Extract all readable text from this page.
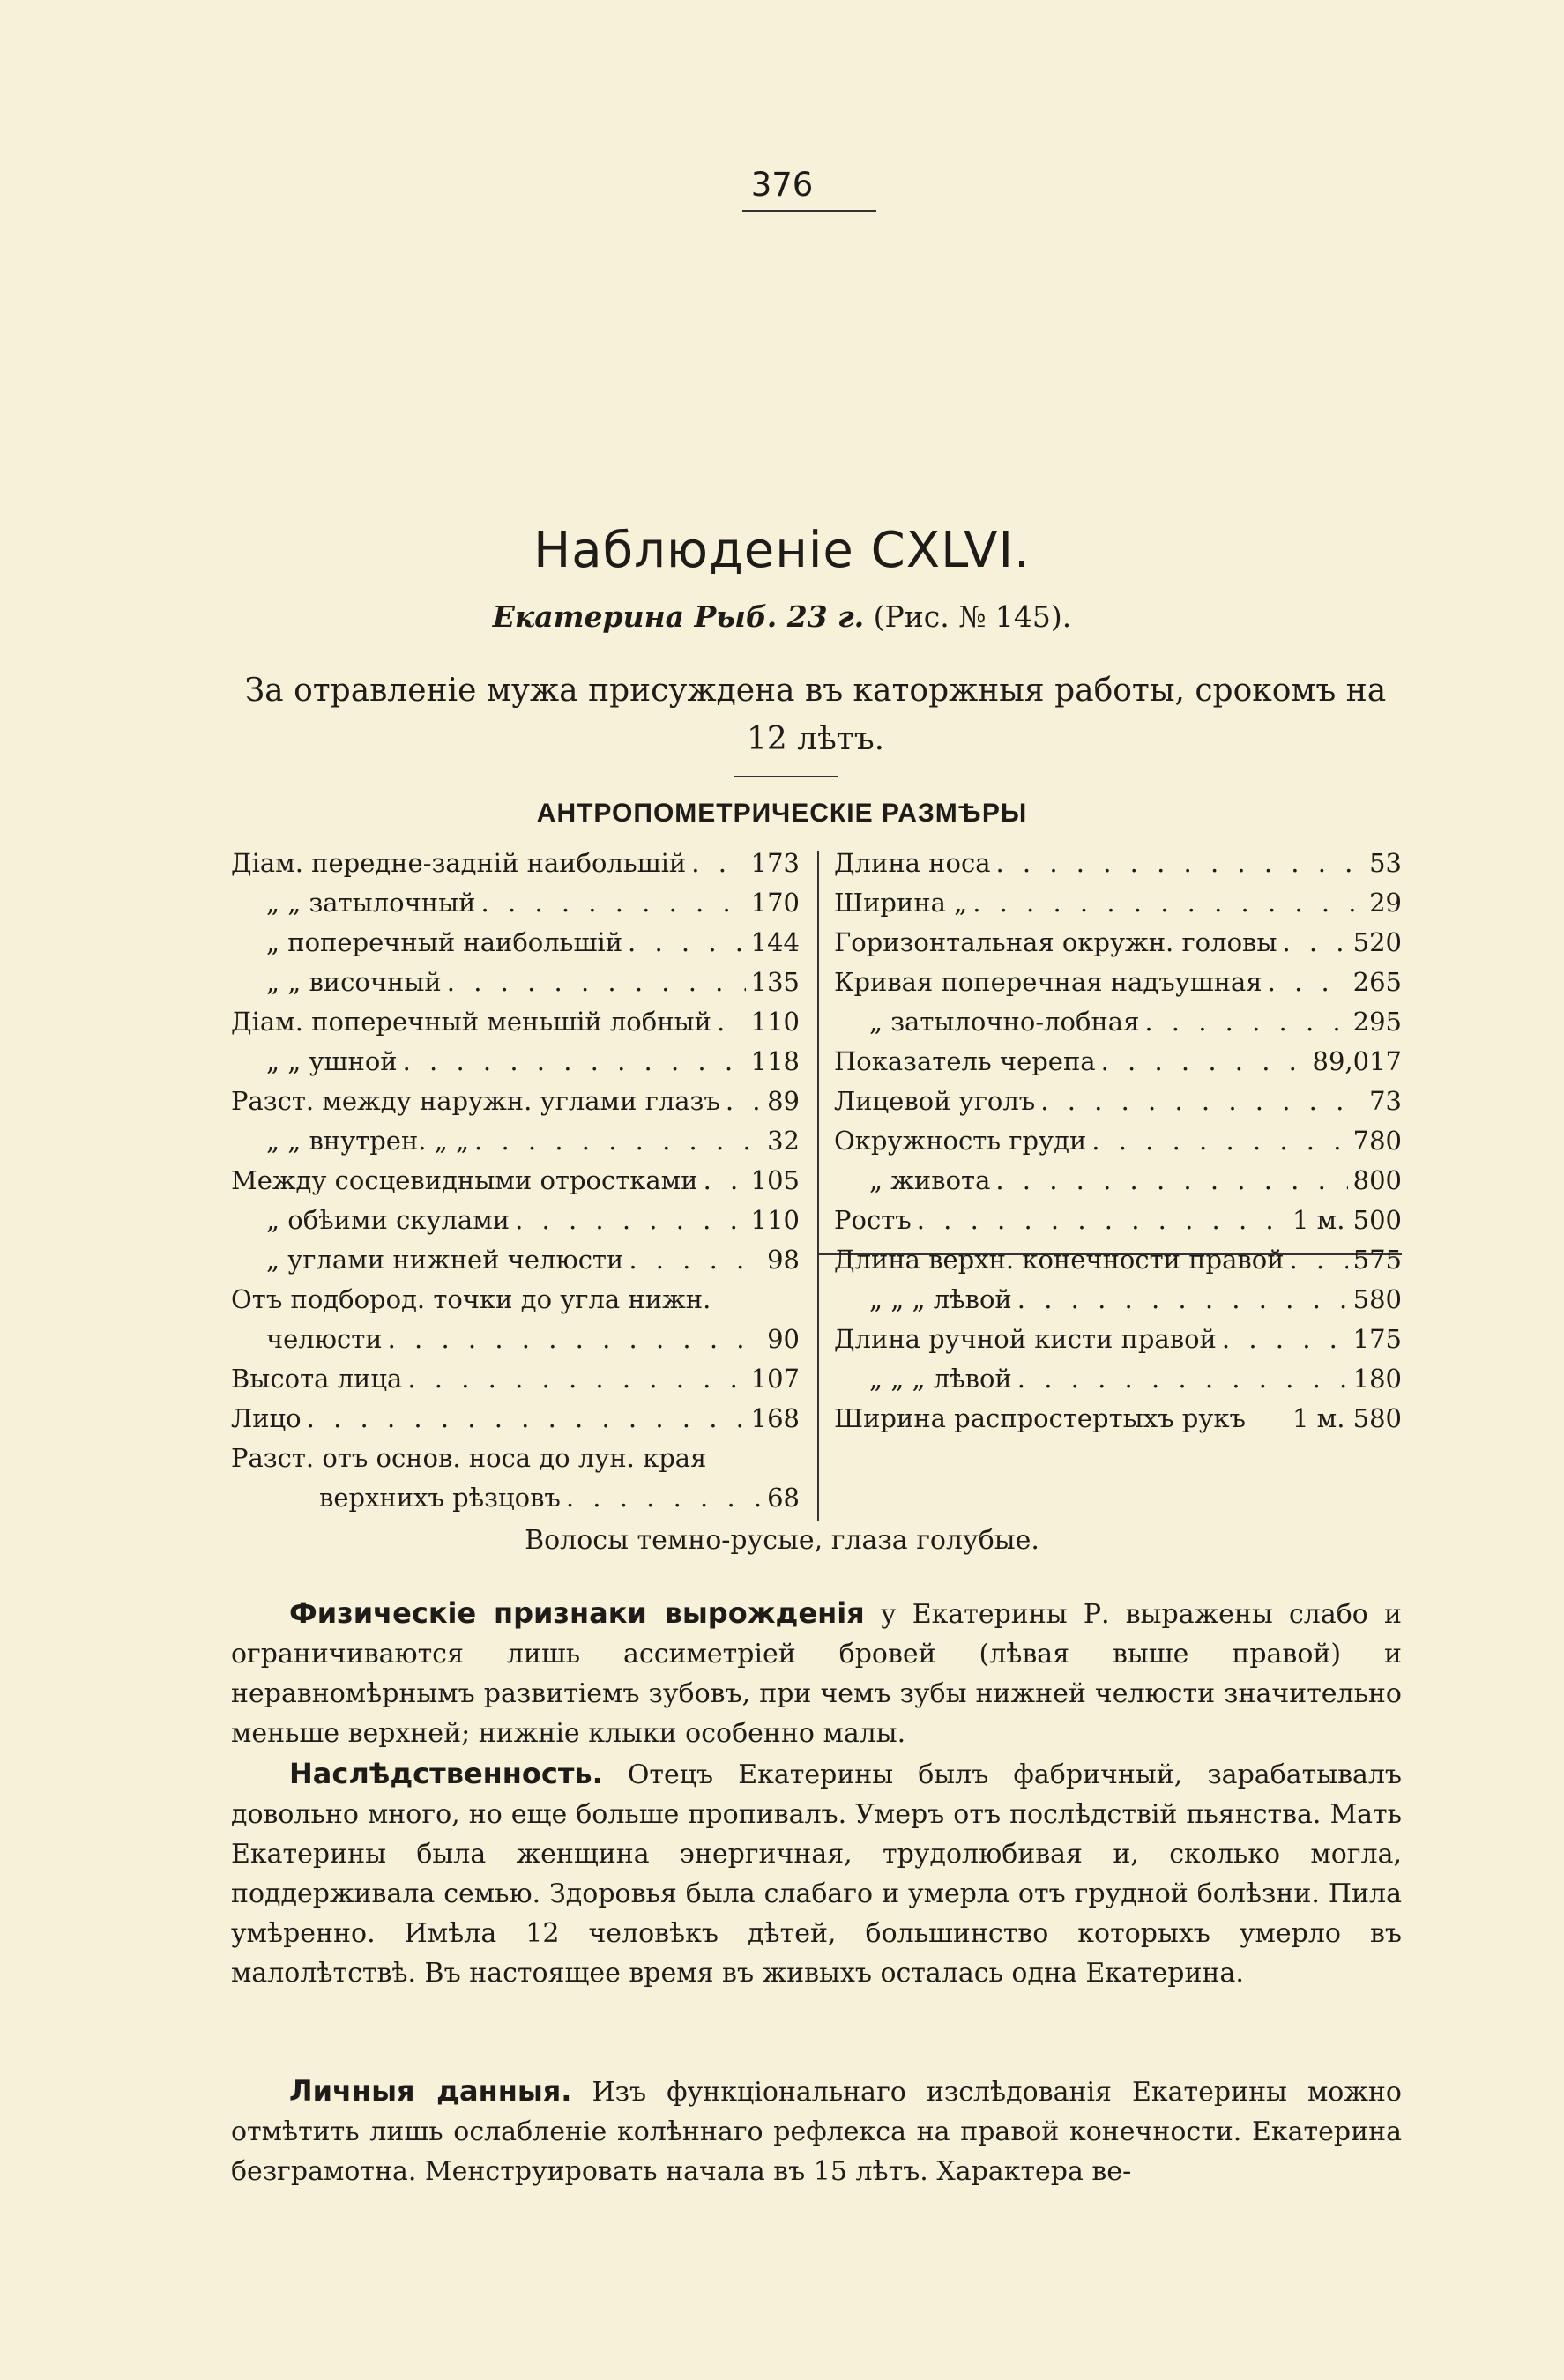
376
Наблюденіе CXLVI.
Екатерина Рыб. 23 г. (Рис. № 145).
За отравленіе мужа присуждена въ каторжныя работы, срокомъ на 12 лѣтъ.
АНТРОПОМЕТРИЧЕСКІЕ РАЗМѢРЫ
Діам. передне-задній наибольшій . . .	173
„ „ затылочный . . .	170
„ поперечный наибольшій . . .	144
„ „ височный . . .	135
Діам. поперечный меньшій лобный . . . 110
„ „ ушной . . .	118
Разст. между наружн. углами глазъ . . . 89
„ „ внутрен. „ „ . . .	32
Между сосцевидными отростками . . . 105
„ обѣими скулами . . .	110
„ углами нижней челюсти . . .	98
Отъ подбород. точки до угла нижн.
челюсти . . .	90
Высота лица . . .	107
Лицо . . .	168
Разст. отъ основ. носа до лун. края
верхнихъ рѣзцовъ . . .	68
Длина носа . . .	53
Ширина „ . . .	29
Горизонтальная окружн. головы . . .	520
Кривая поперечная надъушная . . .	265
„ затылочно-лобная . . .	295
Показатель черепа . . .	89,017
Лицевой уголъ . . .	73
Окружность груди . . .	780
„ живота . . .	800
Ростъ . . .	1 м. 500
Длина верхн. конечности правой . . .	575
„ „ „ лѣвой . . .	580
Длина ручной кисти правой . . .	175
„ „ „ лѣвой . . .	180
Ширина распростертыхъ рукъ	1 м. 580
Волосы темно-русые, глаза голубые.
Физическіе признаки вырожденія у Екатерины Р. выражены слабо и ограничиваются лишь ассиметріей бровей (лѣвая выше правой) и неравномѣрнымъ развитіемъ зубовъ, при чемъ зубы нижней челюсти значительно меньше верхней; нижніе клыки особенно малы.
Наслѣдственность. Отецъ Екатерины былъ фабричный, зарабатывалъ довольно много, но еще больше пропивалъ. Умеръ отъ послѣдствій пьянства. Мать Екатерины была женщина энергичная, трудолюбивая и, сколько могла, поддерживала семью. Здоровья была слабаго и умерла отъ грудной болѣзни. Пила умѣренно. Имѣла 12 человѣкъ дѣтей, большинство которыхъ умерло въ малолѣтствѣ. Въ настоящее время въ живыхъ осталась одна Екатерина.
Личныя данныя. Изъ функціональнаго изслѣдованія Екатерины можно отмѣтить лишь ослабленіе колѣннаго рефлекса на правой конечности. Екатерина безграмотна. Менструировать начала въ 15 лѣтъ. Характера ве-
